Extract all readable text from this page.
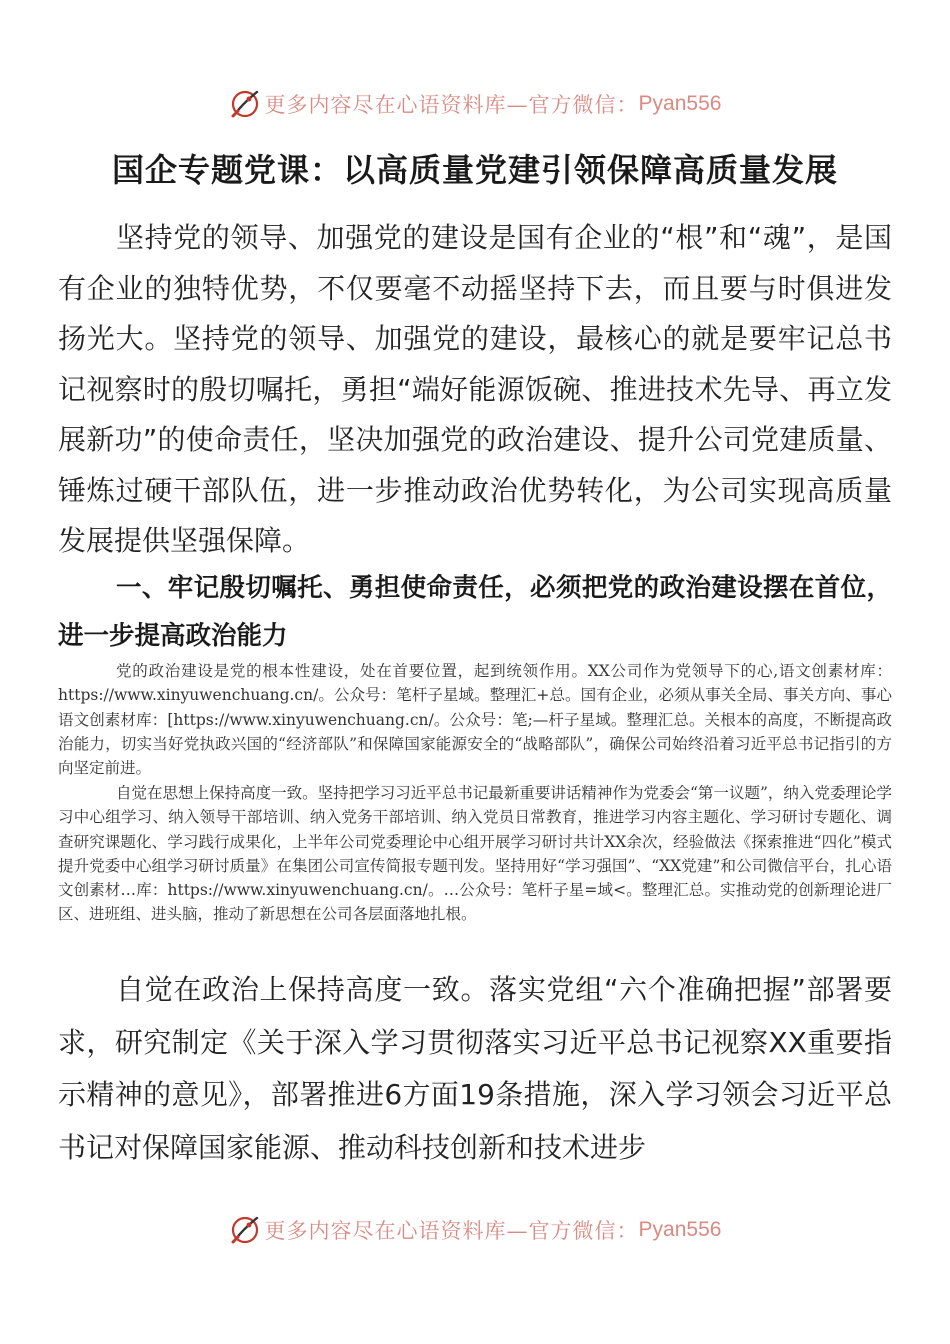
更多内容尽在心语资料库—官方微信： Pyan556
国企专题党课：以高质量党建引领保障高质量发展

坚持党的领导、加强党的建设是国有企业的“根”和“魂”，是国有企业的独特优势，不仅要毫不动摇坚持下去，而且要与时俱进发扬光大。坚持党的领导、加强党的建设，最核心的就是要牢记总书记视察时的殷切嘱托，勇担“端好能源饭碗、推进技术先导、再立发展新功”的使命责任，坚决加强党的政治建设、提升公司党建质量、锤炼过硬干部队伍，进一步推动政治优势转化，为公司实现高质量发展提供坚强保障。

一、牢记殷切嘱托、勇担使命责任，必须把党的政治建设摆在首位，进一步提高政治能力

党的政治建设是党的根本性建设，处在首要位置，起到统领作用。XX公司作为党领导下的心,语文创素材库：https://www.xinyuwenchuang.cn/。公众号：笔杆子星域。整理汇+总。国有企业，必须从事关全局、事关方向、事心语文创素材库：[https://www.xinyuwenchuang.cn/。公众号：笔;—杆子星域。整理汇总。关根本的高度，不断提高政治能力，切实当好党执政兴国的“经济部队”和保障国家能源安全的“战略部队”，确保公司始终沿着习近平总书记指引的方向坚定前进。

自觉在思想上保持高度一致。坚持把学习习近平总书记最新重要讲话精神作为党委会“第一议题”，纳入党委理论学习中心组学习、纳入领导干部培训、纳入党务干部培训、纳入党员日常教育，推进学习内容主题化、学习研讨专题化、调查研究课题化、学习践行成果化，上半年公司党委理论中心组开展学习研讨共计XX余次，经验做法《探索推进“四化”模式提升党委中心组学习研讨质量》在集团公司宣传简报专题刊发。坚持用好“学习强国”、“XX党建”和公司微信平台，扎心语文创素材…库：https://www.xinyuwenchuang.cn/。…公众号：笔杆子星=域<。整理汇总。实推动党的创新理论进厂区、进班组、进头脑，推动了新思想在公司各层面落地扎根。

自觉在政治上保持高度一致。落实党组“六个准确把握”部署要求，研究制定《关于深入学习贯彻落实习近平总书记视察XX重要指示精神的意见》，部署推进6方面19条措施，深入学习领会习近平总书记对保障国家能源、推动科技创新和技术进步

更多内容尽在心语资料库—官方微信： Pyan556
